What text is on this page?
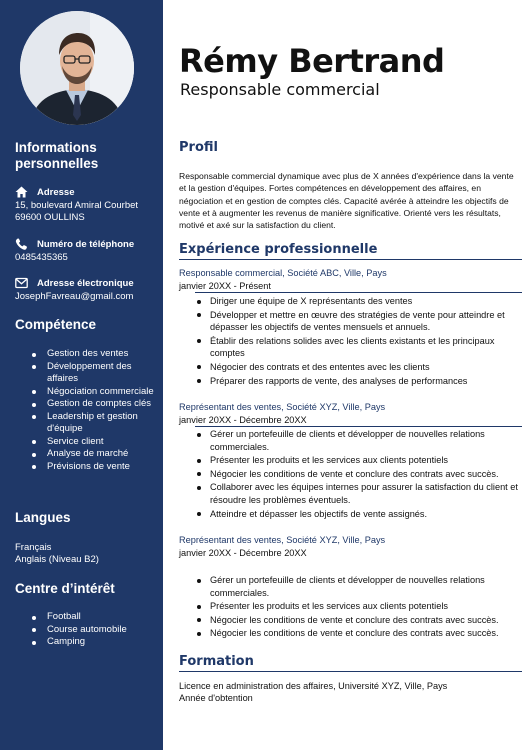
Informations
personnelles
Adresse
15, boulevard Amiral Courbet
69600 OULLINS
Numéro de téléphone
0485435365
Adresse électronique
JosephFavreau@gmail.com
Compétence
Gestion des ventes
Développement des affaires
Négociation commerciale
Gestion de comptes clés
Leadership et gestion d'équipe
Service client
Analyse de marché
Prévisions de vente
Langues
Français
Anglais (Niveau B2)
Centre d’intérêt
Football
Course automobile
Camping
Rémy Bertrand
Responsable commercial
Profil
Responsable commercial dynamique avec plus de X années d'expérience dans la vente et la gestion d'équipes. Fortes compétences en développement des affaires, en négociation et en gestion de comptes clés. Capacité avérée à atteindre les objectifs de vente et à augmenter les revenus de manière significative. Orienté vers les résultats, motivé et axé sur la satisfaction du client.
Expérience professionnelle
Responsable commercial, Société ABC, Ville, Pays
janvier 20XX - Présent
Diriger une équipe de X représentants des ventes
Développer et mettre en œuvre des stratégies de vente pour atteindre et dépasser les objectifs de ventes mensuels et annuels.
Établir des relations solides avec les clients existants et les principaux comptes
Négocier des contrats et des ententes avec les clients
Préparer des rapports de vente, des analyses de performances
Représentant des ventes, Société XYZ, Ville, Pays
janvier 20XX - Décembre 20XX
Gérer un portefeuille de clients et développer de nouvelles relations commerciales.
Présenter les produits et les services aux clients potentiels
Négocier les conditions de vente et conclure des contrats avec succès.
Collaborer avec les équipes internes pour assurer la satisfaction du client et résoudre les problèmes éventuels.
Atteindre et dépasser les objectifs de vente assignés.
Représentant des ventes, Société XYZ, Ville, Pays
janvier 20XX - Décembre 20XX
Gérer un portefeuille de clients et développer de nouvelles relations commerciales.
Présenter les produits et les services aux clients potentiels
Négocier les conditions de vente et conclure des contrats avec succès.
Négocier les conditions de vente et conclure des contrats avec succès.
Formation
Licence en administration des affaires, Université XYZ, Ville, Pays
Année d'obtention
